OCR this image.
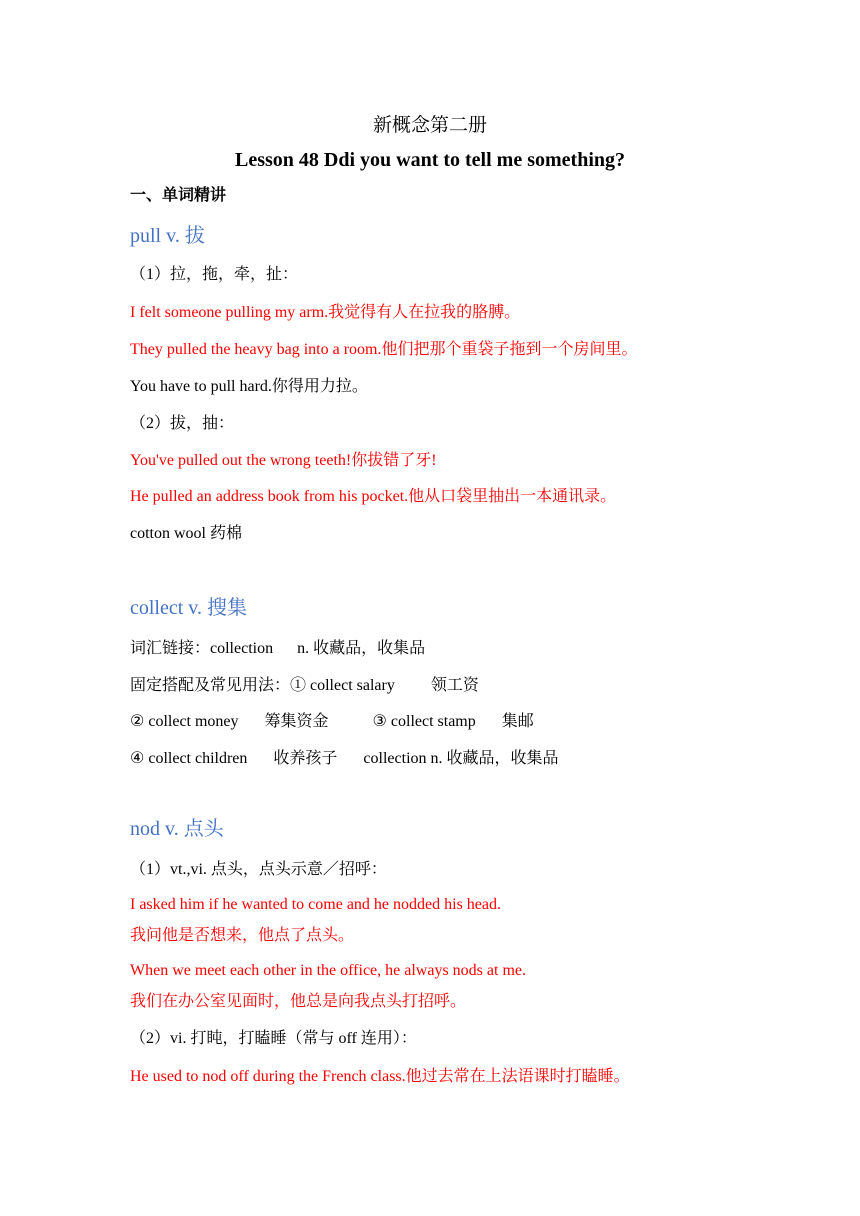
新概念第二册
Lesson 48 Ddi you want to tell me something?
一、单词精讲
pull v. 拔
（1）拉，拖，牵，扯：
I felt someone pulling my arm.我觉得有人在拉我的胳膊。
They pulled the heavy bag into a room.他们把那个重袋子拖到一个房间里。
You have to pull hard.你得用力拉。
（2）拔，抽：
You've pulled out the wrong teeth!你拔错了牙!
He pulled an address book from his pocket.他从口袋里抽出一本通讯录。
cotton wool 药棉
collect v. 搜集
词汇链接：collection n. 收藏品，收集品
固定搭配及常见用法：① collect salary 领工资
② collect money 筹集资金	③ collect stamp 集邮
④ collect children 收养孩子 collection n. 收藏品，收集品
nod v. 点头
（1）vt.,vi. 点头，点头示意／招呼：
I asked him if he wanted to come and he nodded his head.
我问他是否想来，他点了点头。
When we meet each other in the office, he always nods at me.
我们在办公室见面时，他总是向我点头打招呼。
（2）vi. 打盹，打瞌睡（常与 off 连用）：
He used to nod off during the French class.他过去常在上法语课时打瞌睡。
